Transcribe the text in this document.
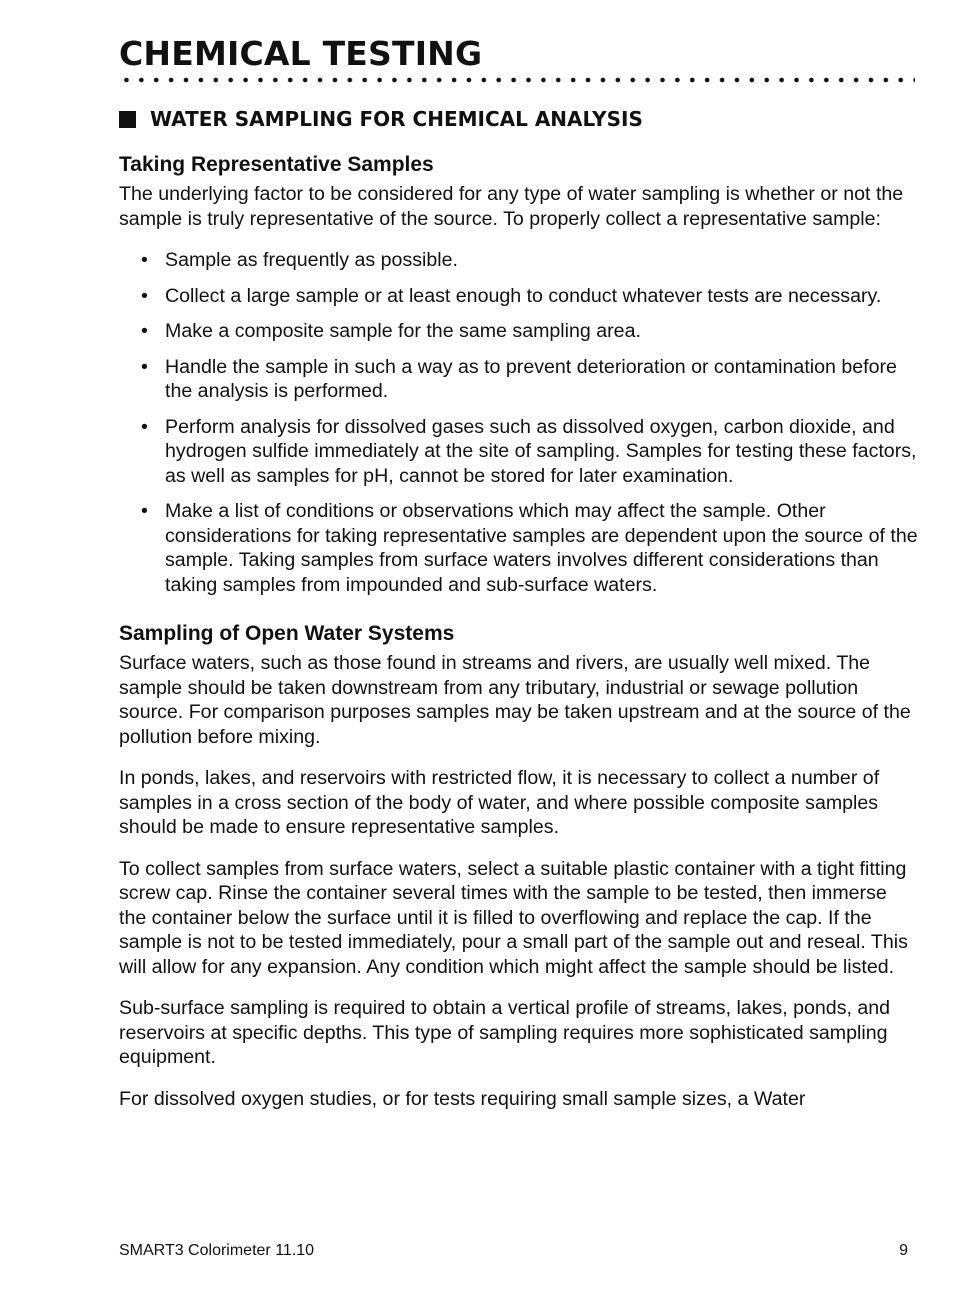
CHEMICAL TESTING
WATER SAMPLING FOR CHEMICAL ANALYSIS
Taking Representative Samples

The underlying factor to be considered for any type of water sampling is whether or not the sample is truly representative of the source. To properly collect a representative sample:

• Sample as frequently as possible.
• Collect a large sample or at least enough to conduct whatever tests are necessary.
• Make a composite sample for the same sampling area.
• Handle the sample in such a way as to prevent deterioration or contamination before the analysis is performed.
• Perform analysis for dissolved gases such as dissolved oxygen, carbon dioxide, and hydrogen sulfide immediately at the site of sampling. Samples for testing these factors, as well as samples for pH, cannot be stored for later examination.
• Make a list of conditions or observations which may affect the sample. Other considerations for taking representative samples are dependent upon the source of the sample. Taking samples from surface waters involves different considerations than taking samples from impounded and sub-surface waters.
Sampling of Open Water Systems

Surface waters, such as those found in streams and rivers, are usually well mixed. The sample should be taken downstream from any tributary, industrial or sewage pollution source. For comparison purposes samples may be taken upstream and at the source of the pollution before mixing.

In ponds, lakes, and reservoirs with restricted flow, it is necessary to collect a number of samples in a cross section of the body of water, and where possible composite samples should be made to ensure representative samples.

To collect samples from surface waters, select a suitable plastic container with a tight fitting screw cap. Rinse the container several times with the sample to be tested, then immerse the container below the surface until it is filled to overflowing and replace the cap. If the sample is not to be tested immediately, pour a small part of the sample out and reseal. This will allow for any expansion. Any condition which might affect the sample should be listed.

Sub-surface sampling is required to obtain a vertical profile of streams, lakes, ponds, and reservoirs at specific depths. This type of sampling requires more sophisticated sampling equipment.

For dissolved oxygen studies, or for tests requiring small sample sizes, a Water

SMART3 Colorimeter 11.10	9
